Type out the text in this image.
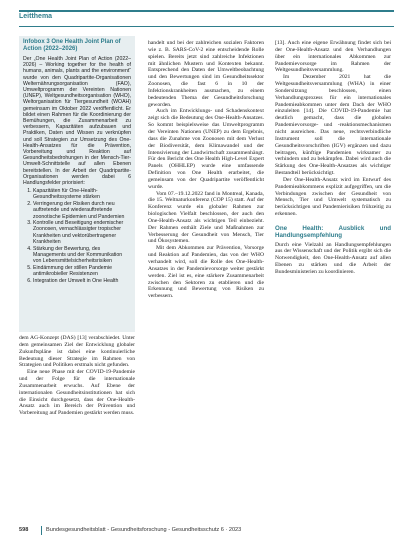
Leitthema
Infobox 3 One Health Joint Plan of Action (2022–2026)
Der „One Health Joint Plan of Action (2022–2026) – Working together for the health of humans, animals, plants and the environment“ wurde von den Quadripartite-Organisationen Welternährungsorganisation (FAO), Umweltprogramm der Vereinten Nationen (UNEP), Weltgesundheitsorganisation (WHO), Weltorganisation für Tiergesundheit (WOAH) gemeinsam im Oktober 2022 veröffentlicht. Er bildet einen Rahmen für die Koordinierung der Bemühungen, die Zusammenarbeit zu verbessern, Kapazitäten aufzubauen und Praktiken, Daten und Wissen zu verknüpfen und soll Strategien zur Umsetzung des One-Health-Ansatzes für die Prävention, Vorbereitung und Reaktion auf Gesundheitsbedrohungen in der Mensch-Tier-Umwelt-Schnittstelle auf allen Ebenen bereitstellen. In der Arbeit der Quadripartite-Organisationen werden dabei 6 Handlungsfelder priorisiert:
1. Kapazitäten für One-Health-Gesundheitssysteme stärken
2. Verringerung der Risiken durch neu auftretende und wiederauftretende zoonotische Epidemien und Pandemien
3. Kontrolle und Beseitigung endemischer Zoonosen, vernachlässigter tropischer Krankheiten und vektorübertragener Krankheiten
4. Stärkung der Bewertung, des Managements und der Kommunikation von Lebensmittelsicherheitsrisiken
5. Eindämmung der stillen Pandemie antimikrobieller Resistenzen
6. Integration der Umwelt in One Health

dem AG-Konzept (DAS) [13] verabschiedet. Unter dem gemeinsamen Ziel der Entwicklung globaler Zukunftspläne ist dabei eine kontinuierliche Bedeutung dieser Strategie im Rahmen von Strategien und Politiken erstmals nicht gefunden.

Eine neue Phase mit der COVID-19-Pandemie und der Folge für die internationale Zusammenarbeit erwuchs. Auf Ebene der internationalen Gesundheitsinstitutionen hat sich die Einsicht durchgesetzt, dass der One-Health-Ansatz auch im Bereich der Prävention und Vorbereitung auf Pandemien gestärkt werden muss.

handelt und bei der zahlreichen sozialen Faktoren wie z. B. SARS-CoV-2 eine entscheidende Rolle spielen. Bereits jetzt sind zahlreiche Infektionen mit ähnlichen Mustern und Kontexten bekannt. Entsprechend den Daten der Umweltbeobachtung und den Bewertungen sind im Gesundheitssektor Zoonosen, die fast 6 in 10 der Infektionskrankheiten ausmachen, zu einem bedeutenden Thema der Gesundheitsforschung geworden.

Auch im Entwicklungs- und Schadenskontext zeigt sich die Bedeutung des One-Health-Ansatzes. So kommt beispielsweise das Umweltprogramm der Vereinten Nationen (UNEP) zu dem Ergebnis, dass die Zunahme von Zoonosen mit dem Verlust der Biodiversität, dem Klimawandel und der Intensivierung der Landwirtschaft zusammenhängt. Für den Bericht des One Health High-Level Expert Panels (OHHLEP) wurde eine umfassende Definition von One Health erarbeitet, die gemeinsam von der Quadripartite veröffentlicht wurde.

Vom 07.–19.12.2022 fand in Montreal, Kanada, die 15. Weltnaturkonferenz (COP 15) statt. Auf der Konferenz wurde ein globaler Rahmen zur biologischen Vielfalt beschlossen, der auch den One-Health-Ansatz als wichtigen Teil einbezieht. Der Rahmen enthält Ziele und Maßnahmen zur Verbesserung der Gesundheit von Mensch, Tier und Ökosystemen.

Mit dem Abkommen zur Prävention, Vorsorge und Reaktion auf Pandemien, das von der WHO verhandelt wird, soll die Rolle des One-Health-Ansatzes in der Pandemievorsorge weiter gestärkt werden. Ziel ist es, eine stärkere Zusammenarbeit zwischen den Sektoren zu etablieren und die Erkennung und Bewertung von Risiken zu verbessern.

[13]. Auch eine eigene Erwähnung findet sich bei der One-Health-Ansatz und den Verhandlungen über ein internationales Abkommen zur Pandemievorsorge im Rahmen der Weltgesundheitsversammlung.

Im Dezember 2021 hat die Weltgesundheitsversammlung (WHA) in einer Sondersitzung beschlossen, einen Verhandlungsprozess für ein internationales Pandemieabkommen unter dem Dach der WHO einzuleiten [14]. Die COVID-19-Pandemie hat deutlich gemacht, dass die globalen Pandemievorsorge- und -reaktionsmechanismen nicht ausreichen. Das neue, rechtsverbindliche Instrument soll die internationale Gesundheitsvorschriften (IGV) ergänzen und dazu beitragen, künftige Pandemien wirksamer zu verhindern und zu bekämpfen. Dabei wird auch die Stärkung des One-Health-Ansatzes als wichtiger Bestandteil berücksichtigt.

Der One-Health-Ansatz wird im Entwurf des Pandemieabkommens explizit aufgegriffen, um die Verbindungen zwischen der Gesundheit von Mensch, Tier und Umwelt systematisch zu berücksichtigen und Pandemierisiken frühzeitig zu erkennen.

One Health: Ausblick und Handlungsempfehlung

Durch eine Vielzahl an Handlungsempfehlungen aus der Wissenschaft und der Politik ergibt sich die Notwendigkeit, den One-Health-Ansatz auf allen Ebenen zu stärken und die Arbeit der Bundesministerien zu koordinieren.

598	Bundesgesundheitsblatt - Gesundheitsforschung - Gesundheitsschutz 6 · 2023
